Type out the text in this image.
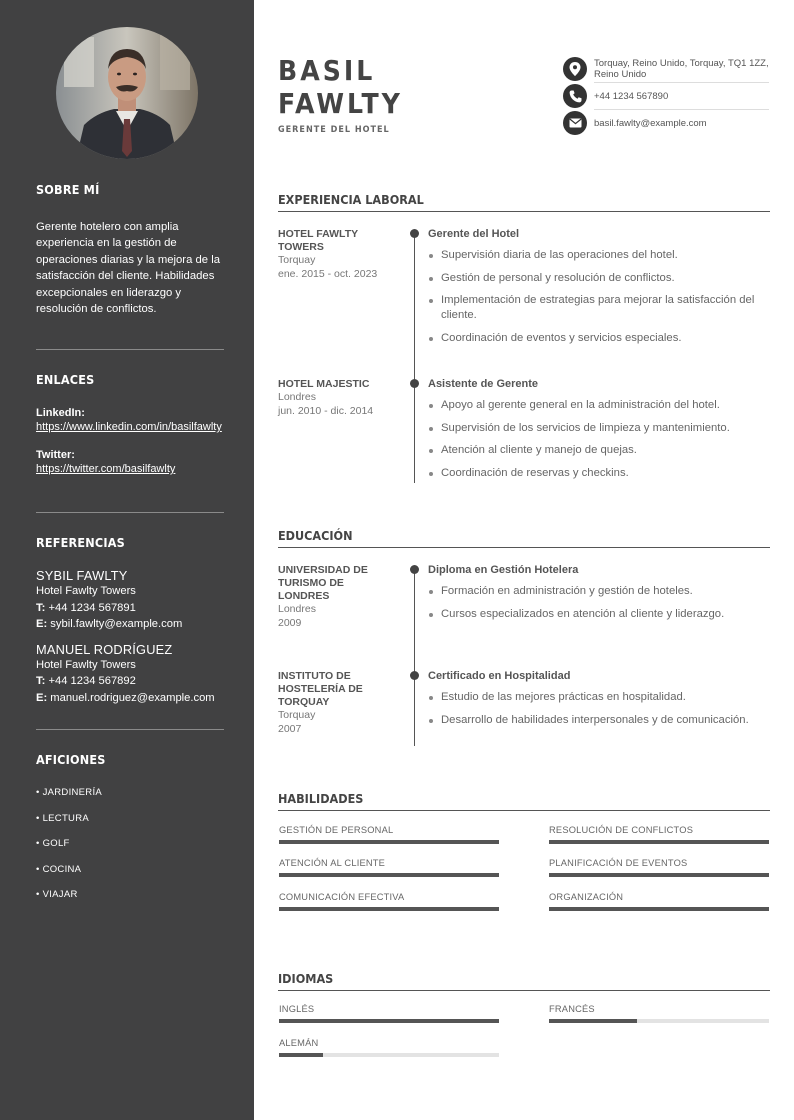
SOBRE MÍ
Gerente hotelero con amplia experiencia en la gestión de operaciones diarias y la mejora de la satisfacción del cliente. Habilidades excepcionales en liderazgo y resolución de conflictos.
ENLACES
LinkedIn:
https://www.linkedin.com/in/basilfawlty
Twitter:
https://twitter.com/basilfawlty
REFERENCIAS
SYBIL FAWLTY
Hotel Fawlty Towers
T: +44 1234 567891
E: sybil.fawlty@example.com
MANUEL RODRÍGUEZ
Hotel Fawlty Towers
T: +44 1234 567892
E: manuel.rodriguez@example.com
AFICIONES
• JARDINERÍA
• LECTURA
• GOLF
• COCINA
• VIAJAR
BASIL
FAWLTY
GERENTE DEL HOTEL
Torquay, Reino Unido, Torquay, TQ1 1ZZ, Reino Unido
+44 1234 567890
basil.fawlty@example.com
EXPERIENCIA LABORAL
HOTEL FAWLTY TOWERS
Torquay
ene. 2015 - oct. 2023
Gerente del Hotel
Supervisión diaria de las operaciones del hotel.
Gestión de personal y resolución de conflictos.
Implementación de estrategias para mejorar la satisfacción del cliente.
Coordinación de eventos y servicios especiales.
HOTEL MAJESTIC
Londres
jun. 2010 - dic. 2014
Asistente de Gerente
Apoyo al gerente general en la administración del hotel.
Supervisión de los servicios de limpieza y mantenimiento.
Atención al cliente y manejo de quejas.
Coordinación de reservas y checkins.
EDUCACIÓN
UNIVERSIDAD DE TURISMO DE LONDRES
Londres
2009
Diploma en Gestión Hotelera
Formación en administración y gestión de hoteles.
Cursos especializados en atención al cliente y liderazgo.
INSTITUTO DE HOSTELERÍA DE TORQUAY
Torquay
2007
Certificado en Hospitalidad
Estudio de las mejores prácticas en hospitalidad.
Desarrollo de habilidades interpersonales y de comunicación.
HABILIDADES
GESTIÓN DE PERSONAL	RESOLUCIÓN DE CONFLICTOS
ATENCIÓN AL CLIENTE	PLANIFICACIÓN DE EVENTOS
COMUNICACIÓN EFECTIVA	ORGANIZACIÓN
IDIOMAS
INGLÉS	FRANCÉS
ALEMÁN
